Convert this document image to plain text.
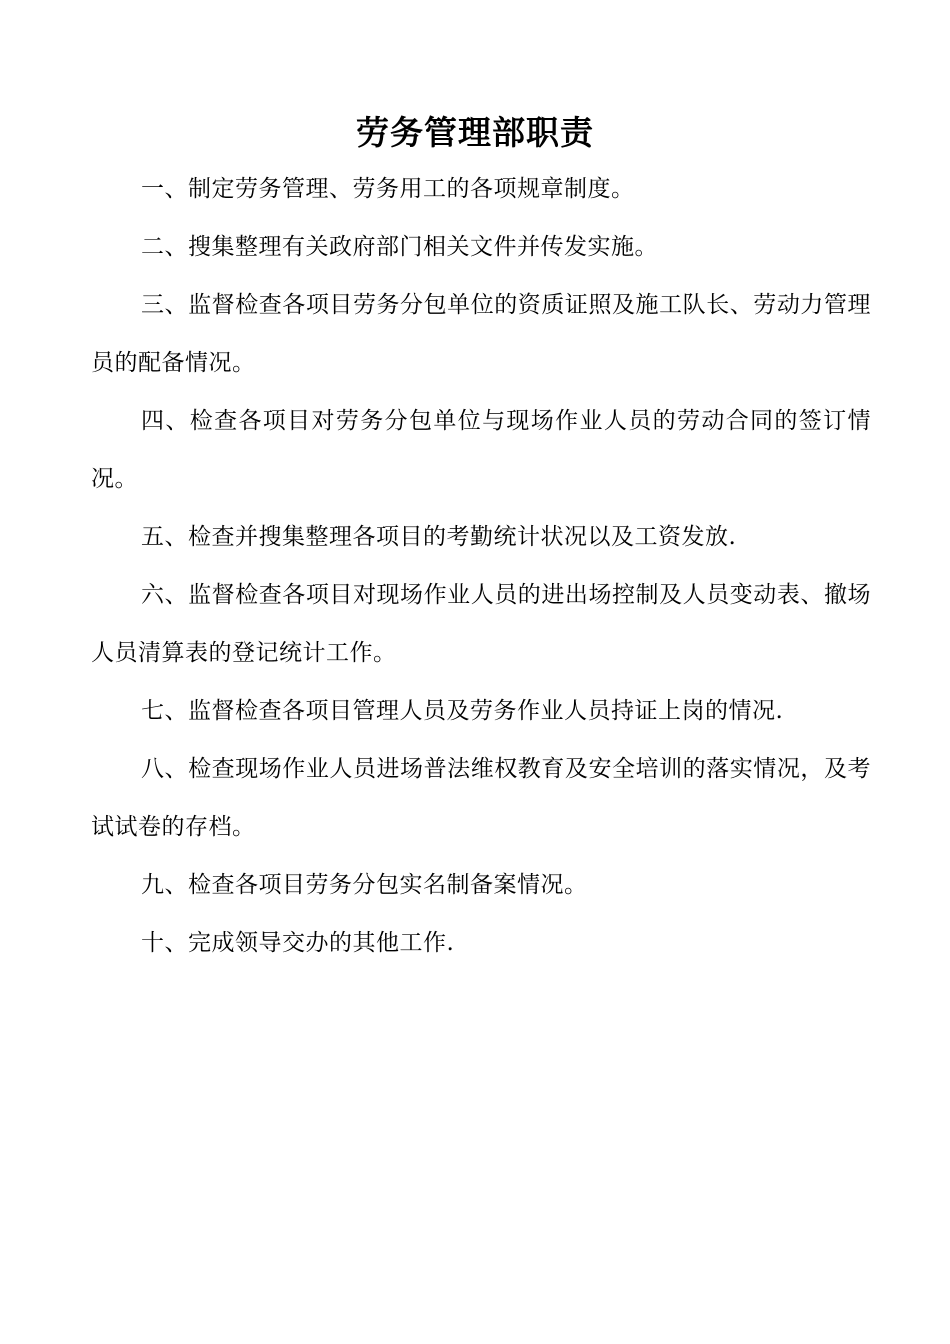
劳务管理部职责

一、制定劳务管理、劳务用工的各项规章制度。

二、搜集整理有关政府部门相关文件并传发实施。

三、监督检查各项目劳务分包单位的资质证照及施工队长、劳动力管理员的配备情况。

四、检查各项目对劳务分包单位与现场作业人员的劳动合同的签订情况。

五、检查并搜集整理各项目的考勤统计状况以及工资发放.

六、监督检查各项目对现场作业人员的进出场控制及人员变动表、撤场人员清算表的登记统计工作。

七、监督检查各项目管理人员及劳务作业人员持证上岗的情况.

八、检查现场作业人员进场普法维权教育及安全培训的落实情况，及考试试卷的存档。

九、检查各项目劳务分包实名制备案情况。

十、完成领导交办的其他工作.
